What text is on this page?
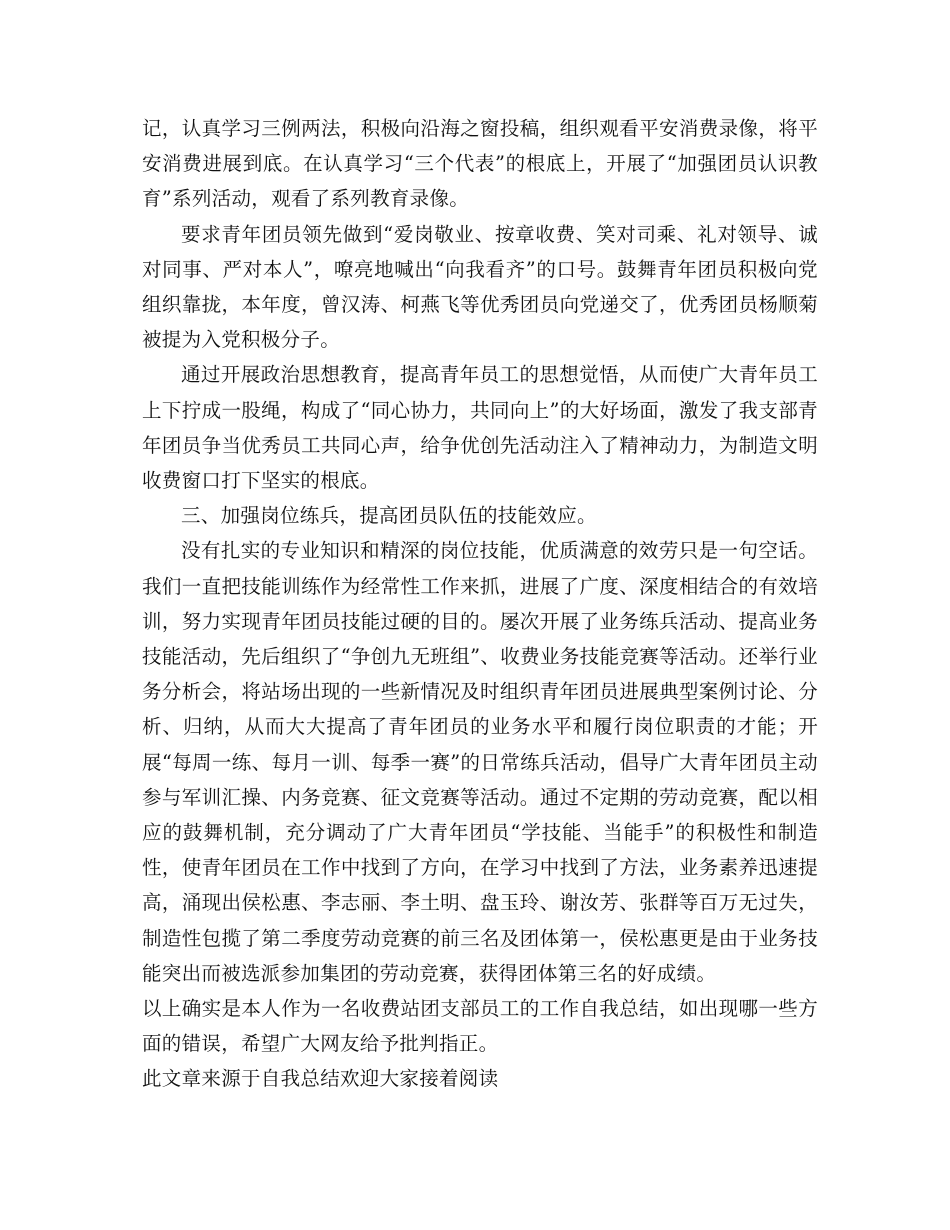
记，认真学习三例两法，积极向沿海之窗投稿，组织观看平安消费录像，将平安消费进展到底。在认真学习“三个代表”的根底上，开展了“加强团员认识教育”系列活动，观看了系列教育录像。

要求青年团员领先做到“爱岗敬业、按章收费、笑对司乘、礼对领导、诚对同事、严对本人”，嘹亮地喊出“向我看齐”的口号。鼓舞青年团员积极向党组织靠拢，本年度，曾汉涛、柯燕飞等优秀团员向党递交了，优秀团员杨顺菊被提为入党积极分子。

通过开展政治思想教育，提高青年员工的思想觉悟，从而使广大青年员工上下拧成一股绳，构成了“同心协力，共同向上”的大好场面，激发了我支部青年团员争当优秀员工共同心声，给争优创先活动注入了精神动力，为制造文明收费窗口打下坚实的根底。

三、加强岗位练兵，提高团员队伍的技能效应。

没有扎实的专业知识和精深的岗位技能，优质满意的效劳只是一句空话。我们一直把技能训练作为经常性工作来抓，进展了广度、深度相结合的有效培训，努力实现青年团员技能过硬的目的。屡次开展了业务练兵活动、提高业务技能活动，先后组织了“争创九无班组”、收费业务技能竞赛等活动。还举行业务分析会，将站场出现的一些新情况及时组织青年团员进展典型案例讨论、分析、归纳，从而大大提高了青年团员的业务水平和履行岗位职责的才能；开展“每周一练、每月一训、每季一赛”的日常练兵活动，倡导广大青年团员主动参与军训汇操、内务竞赛、征文竞赛等活动。通过不定期的劳动竞赛，配以相应的鼓舞机制，充分调动了广大青年团员“学技能、当能手”的积极性和制造性，使青年团员在工作中找到了方向，在学习中找到了方法，业务素养迅速提高，涌现出侯松惠、李志丽、李土明、盘玉玲、谢汝芳、张群等百万无过失，制造性包揽了第二季度劳动竞赛的前三名及团体第一，侯松惠更是由于业务技能突出而被选派参加集团的劳动竞赛，获得团体第三名的好成绩。

以上确实是本人作为一名收费站团支部员工的工作自我总结，如出现哪一些方面的错误，希望广大网友给予批判指正。

此文章来源于自我总结欢迎大家接着阅读
